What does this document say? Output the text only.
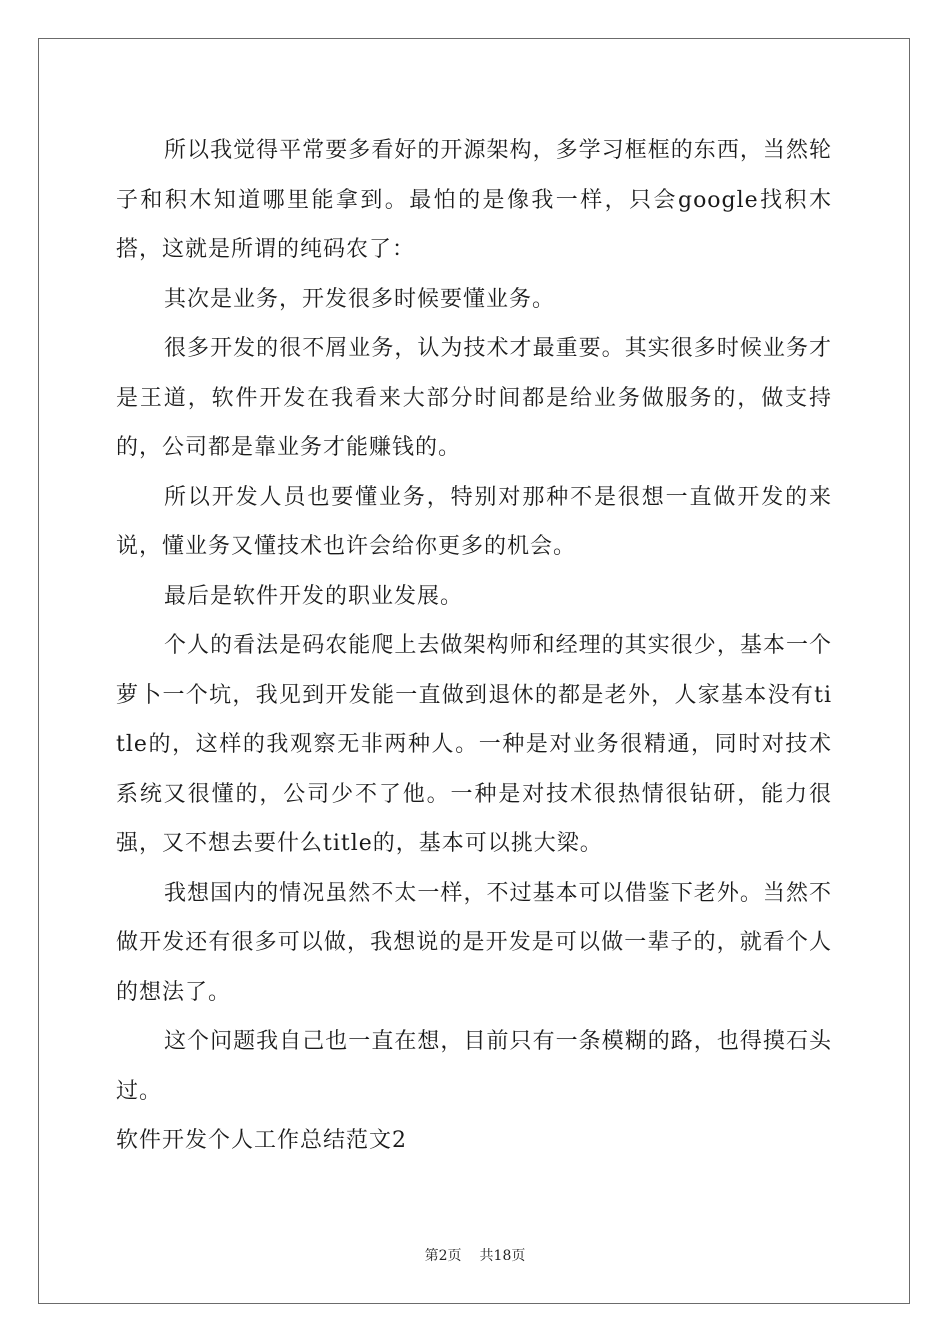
所以我觉得平常要多看好的开源架构，多学习框框的东西，当然轮子和积木知道哪里能拿到。最怕的是像我一样，只会google找积木搭，这就是所谓的纯码农了：

其次是业务，开发很多时候要懂业务。

很多开发的很不屑业务，认为技术才最重要。其实很多时候业务才是王道，软件开发在我看来大部分时间都是给业务做服务的，做支持的，公司都是靠业务才能赚钱的。

所以开发人员也要懂业务，特别对那种不是很想一直做开发的来说，懂业务又懂技术也许会给你更多的机会。

最后是软件开发的职业发展。

个人的看法是码农能爬上去做架构师和经理的其实很少，基本一个萝卜一个坑，我见到开发能一直做到退休的都是老外，人家基本没有title的，这样的我观察无非两种人。一种是对业务很精通，同时对技术系统又很懂的，公司少不了他。一种是对技术很热情很钻研，能力很强，又不想去要什么title的，基本可以挑大梁。

我想国内的情况虽然不太一样，不过基本可以借鉴下老外。当然不做开发还有很多可以做，我想说的是开发是可以做一辈子的，就看个人的想法了。

这个问题我自己也一直在想，目前只有一条模糊的路，也得摸石头过。

软件开发个人工作总结范文2

第2页 共18页
